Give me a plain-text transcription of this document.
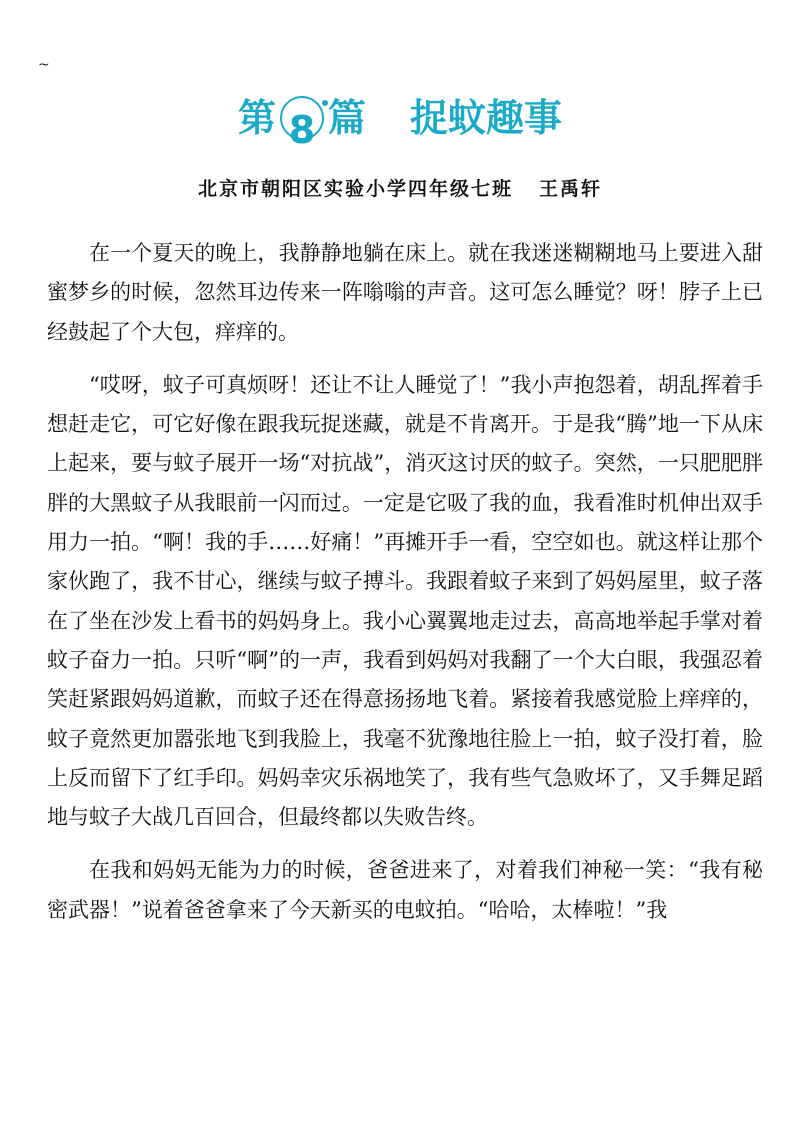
~
第 8 篇 捉蚊趣事
北京市朝阳区实验小学四年级七班 王禹轩

在一个夏天的晚上，我静静地躺在床上。就在我迷迷糊糊地马上要进入甜蜜梦乡的时候，忽然耳边传来一阵嗡嗡的声音。这可怎么睡觉？呀！脖子上已经鼓起了个大包，痒痒的。

“哎呀，蚊子可真烦呀！还让不让人睡觉了！”我小声抱怨着，胡乱挥着手想赶走它，可它好像在跟我玩捉迷藏，就是不肯离开。于是我“腾”地一下从床上起来，要与蚊子展开一场“对抗战”，消灭这讨厌的蚊子。突然，一只肥肥胖胖的大黑蚊子从我眼前一闪而过。一定是它吸了我的血，我看准时机伸出双手用力一拍。“啊！我的手……好痛！”再摊开手一看，空空如也。就这样让那个家伙跑了，我不甘心，继续与蚊子搏斗。我跟着蚊子来到了妈妈屋里，蚊子落在了坐在沙发上看书的妈妈身上。我小心翼翼地走过去，高高地举起手掌对着蚊子奋力一拍。只听“啊”的一声，我看到妈妈对我翻了一个大白眼，我强忍着笑赶紧跟妈妈道歉，而蚊子还在得意扬扬地飞着。紧接着我感觉脸上痒痒的，蚊子竟然更加嚣张地飞到我脸上，我毫不犹豫地往脸上一拍，蚊子没打着，脸上反而留下了红手印。妈妈幸灾乐祸地笑了，我有些气急败坏了，又手舞足蹈地与蚊子大战几百回合，但最终都以失败告终。

在我和妈妈无能为力的时候，爸爸进来了，对着我们神秘一笑：“我有秘密武器！”说着爸爸拿来了今天新买的电蚊拍。“哈哈，太棒啦！”我
